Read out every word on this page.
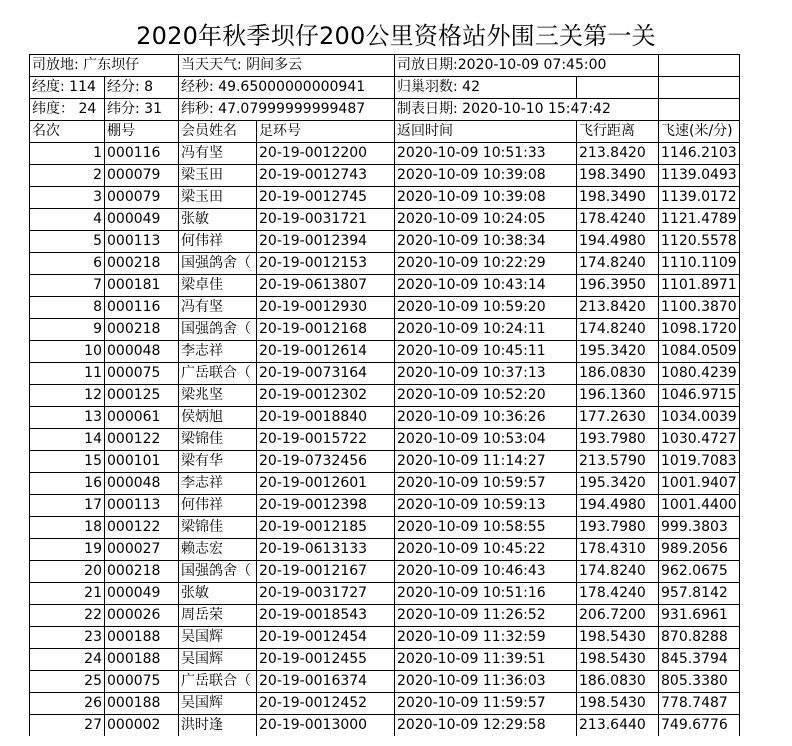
2020年秋季坝仔200公里资格站外围三关第一关
司放地: 广东坝仔		当天天气: 阴间多云		司放日期:2020-10-09 07:45:00		
经度: 114	经分: 8	经秒: 49.65000000000941		归巢羽数: 42		
纬度： 24	纬分: 31	纬秒: 47.07999999999487		制表日期: 2020-10-10 15:47:42		
名次	棚号	会员姓名	足环号	返回时间	飞行距离	飞速(米/分)
1	000116	冯有坚	20-19-0012200	2020-10-09 10:51:33	213.8420	1146.2103
2	000079	梁玉田	20-19-0012743	2020-10-09 10:39:08	198.3490	1139.0493
3	000079	梁玉田	20-19-0012745	2020-10-09 10:39:08	198.3490	1139.0172
4	000049	张敏	20-19-0031721	2020-10-09 10:24:05	178.4240	1121.4789
5	000113	何伟祥	20-19-0012394	2020-10-09 10:38:34	194.4980	1120.5578
6	000218	国强鸽舍（	20-19-0012153	2020-10-09 10:22:29	174.8240	1110.1109
7	000181	梁卓佳	20-19-0613807	2020-10-09 10:43:14	196.3950	1101.8971
8	000116	冯有坚	20-19-0012930	2020-10-09 10:59:20	213.8420	1100.3870
9	000218	国强鸽舍（	20-19-0012168	2020-10-09 10:24:11	174.8240	1098.1720
10	000048	李志祥	20-19-0012614	2020-10-09 10:45:11	195.3420	1084.0509
11	000075	广岳联合（	20-19-0073164	2020-10-09 10:37:13	186.0830	1080.4239
12	000125	梁兆坚	20-19-0012302	2020-10-09 10:52:20	196.1360	1046.9715
13	000061	侯炳旭	20-19-0018840	2020-10-09 10:36:26	177.2630	1034.0039
14	000122	梁锦佳	20-19-0015722	2020-10-09 10:53:04	193.7980	1030.4727
15	000101	梁有华	20-19-0732456	2020-10-09 11:14:27	213.5790	1019.7083
16	000048	李志祥	20-19-0012601	2020-10-09 10:59:57	195.3420	1001.9407
17	000113	何伟祥	20-19-0012398	2020-10-09 10:59:13	194.4980	1001.4400
18	000122	梁锦佳	20-19-0012185	2020-10-09 10:58:55	193.7980	999.3803
19	000027	赖志宏	20-19-0613133	2020-10-09 10:45:22	178.4310	989.2056
20	000218	国强鸽舍（	20-19-0012167	2020-10-09 10:46:43	174.8240	962.0675
21	000049	张敏	20-19-0031727	2020-10-09 10:51:16	178.4240	957.8142
22	000026	周岳荣	20-19-0018543	2020-10-09 11:26:52	206.7200	931.6961
23	000188	吴国辉	20-19-0012454	2020-10-09 11:32:59	198.5430	870.8288
24	000188	吴国辉	20-19-0012455	2020-10-09 11:39:51	198.5430	845.3794
25	000075	广岳联合（	20-19-0016374	2020-10-09 11:36:03	186.0830	805.3380
26	000188	吴国辉	20-19-0012452	2020-10-09 11:59:57	198.5430	778.7487
27	000002	洪时逢	20-19-0013000	2020-10-09 12:29:58	213.6440	749.6776
